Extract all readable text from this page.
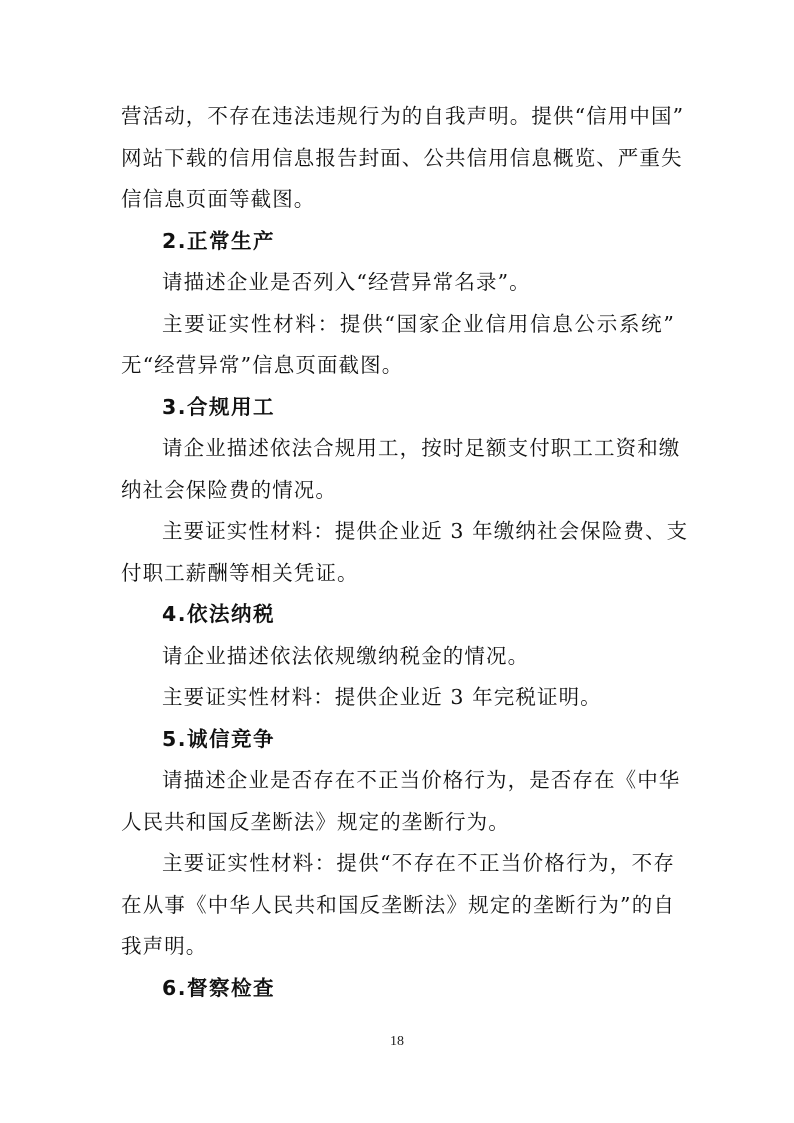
营活动，不存在违法违规行为的自我声明。提供“信用中国”
网站下载的信用信息报告封面、公共信用信息概览、严重失
信信息页面等截图。
2.正常生产
请描述企业是否列入“经营异常名录”。
主要证实性材料：提供“国家企业信用信息公示系统”
无“经营异常”信息页面截图。
3.合规用工
请企业描述依法合规用工，按时足额支付职工工资和缴
纳社会保险费的情况。
主要证实性材料：提供企业近 3 年缴纳社会保险费、支
付职工薪酬等相关凭证。
4.依法纳税
请企业描述依法依规缴纳税金的情况。
主要证实性材料：提供企业近 3 年完税证明。
5.诚信竞争
请描述企业是否存在不正当价格行为，是否存在《中华
人民共和国反垄断法》规定的垄断行为。
主要证实性材料：提供“不存在不正当价格行为，不存
在从事《中华人民共和国反垄断法》规定的垄断行为”的自
我声明。
6.督察检查
18
